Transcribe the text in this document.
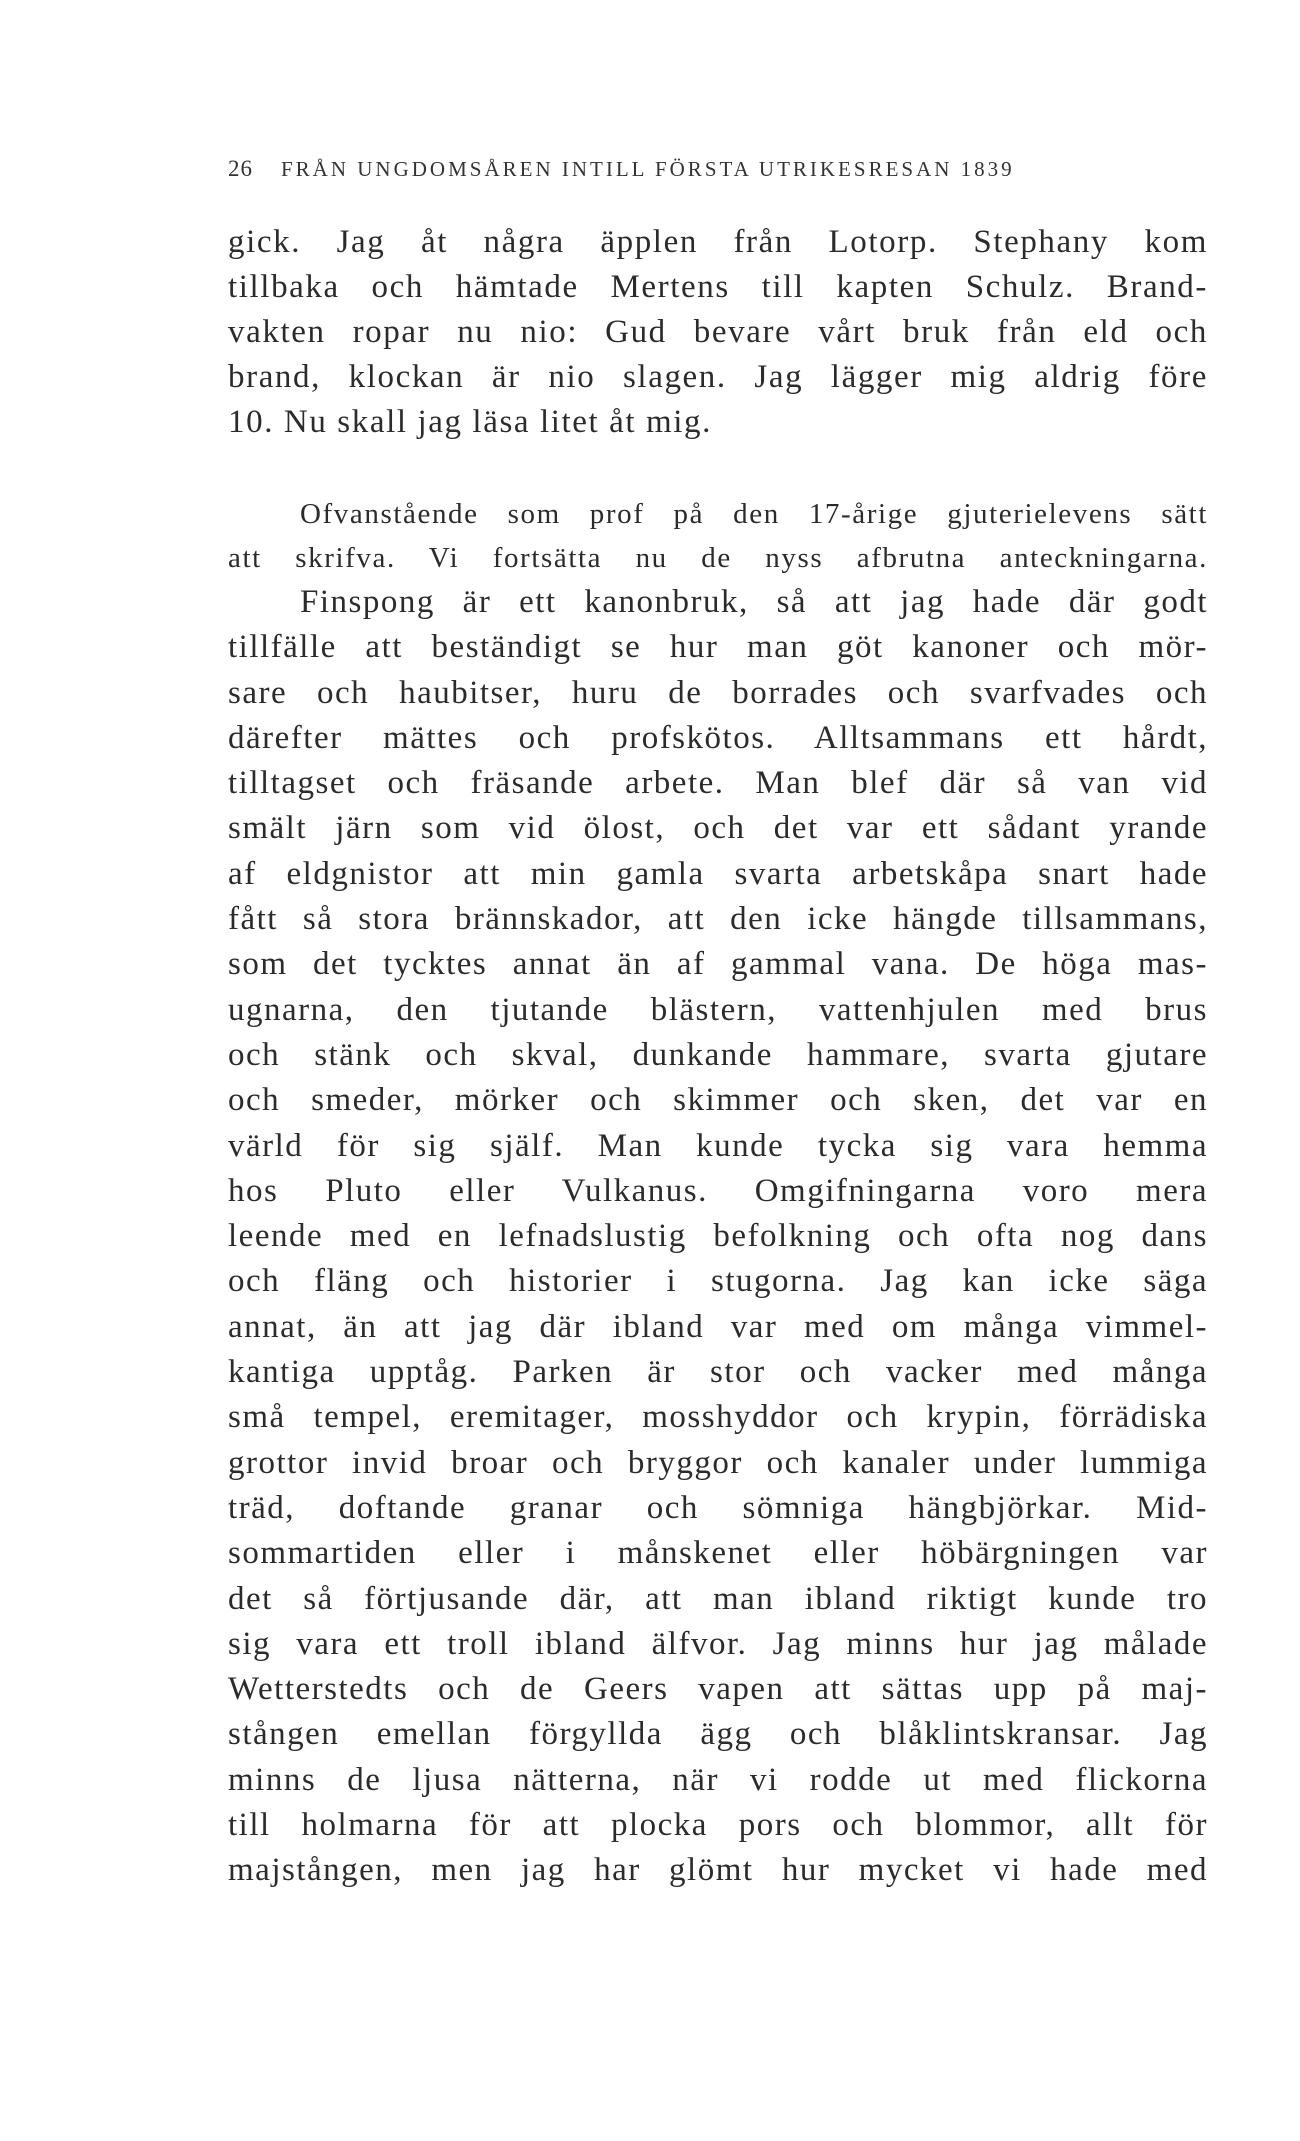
26 FRÅN UNGDOMSÅREN INTILL FÖRSTA UTRIKESRESAN 1839
gick. Jag åt några äpplen från Lotorp. Stephany kom
tillbaka och hämtade Mertens till kapten Schulz. Brand-
vakten ropar nu nio: Gud bevare vårt bruk från eld och
brand, klockan är nio slagen. Jag lägger mig aldrig före
10. Nu skall jag läsa litet åt mig.
Ofvanstående som prof på den 17-årige gjuterielevens sätt
att skrifva. Vi fortsätta nu de nyss afbrutna anteckningarna.
Finspong är ett kanonbruk, så att jag hade där godt
tillfälle att beständigt se hur man göt kanoner och mör-
sare och haubitser, huru de borrades och svarfvades och
därefter mättes och profskötos. Alltsammans ett hårdt,
tilltagset och fräsande arbete. Man blef där så van vid
smält järn som vid ölost, och det var ett sådant yrande
af eldgnistor att min gamla svarta arbetskåpa snart hade
fått så stora brännskador, att den icke hängde tillsammans,
som det tycktes annat än af gammal vana. De höga mas-
ugnarna, den tjutande blästern, vattenhjulen med brus
och stänk och skval, dunkande hammare, svarta gjutare
och smeder, mörker och skimmer och sken, det var en
värld för sig själf. Man kunde tycka sig vara hemma
hos Pluto eller Vulkanus. Omgifningarna voro mera
leende med en lefnadslustig befolkning och ofta nog dans
och fläng och historier i stugorna. Jag kan icke säga
annat, än att jag där ibland var med om många vimmel-
kantiga upptåg. Parken är stor och vacker med många
små tempel, eremitager, mosshyddor och krypin, förrädiska
grottor invid broar och bryggor och kanaler under lummiga
träd, doftande granar och sömniga hängbjörkar. Mid-
sommartiden eller i månskenet eller höbärgningen var
det så förtjusande där, att man ibland riktigt kunde tro
sig vara ett troll ibland älfvor. Jag minns hur jag målade
Wetterstedts och de Geers vapen att sättas upp på maj-
stången emellan förgyllda ägg och blåklintskransar. Jag
minns de ljusa nätterna, när vi rodde ut med flickorna
till holmarna för att plocka pors och blommor, allt för
majstången, men jag har glömt hur mycket vi hade med
